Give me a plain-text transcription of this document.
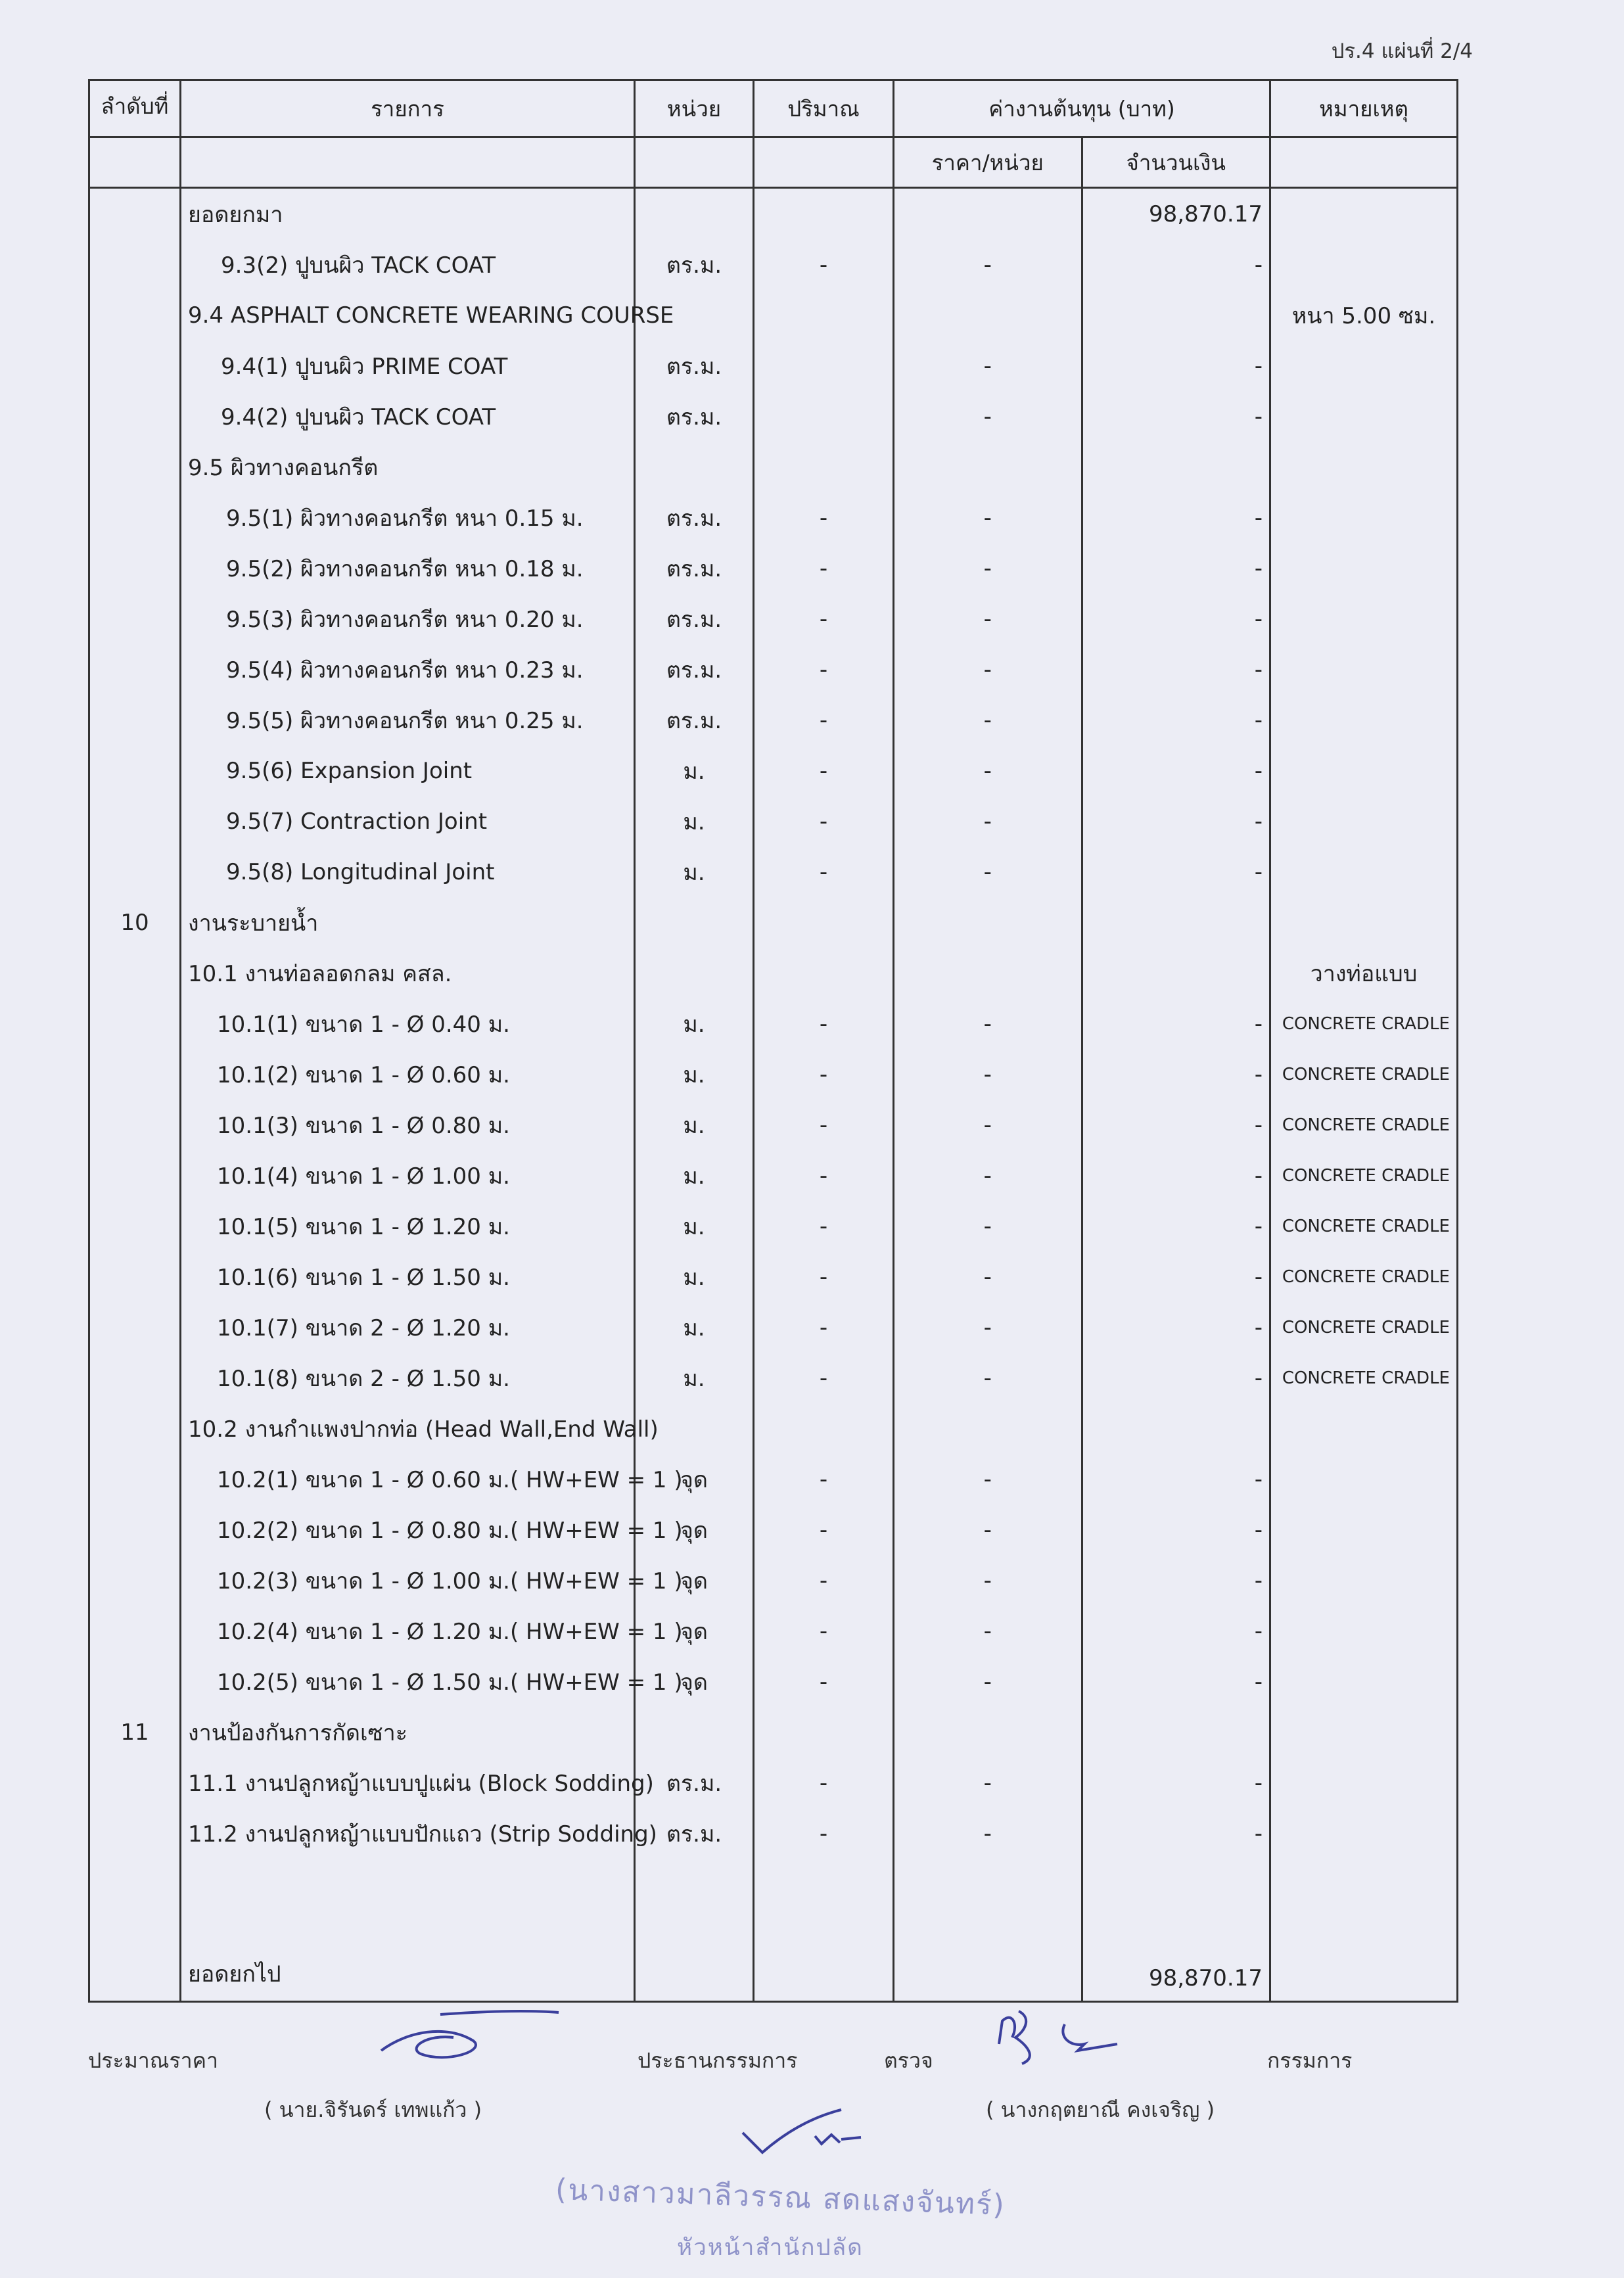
ปร.4 แผ่นที่ 2/4
ลำดับที่	รายการ	หน่วย	ปริมาณ	ค่างานต้นทุน (บาท)		หมายเหตุ
				ราคา/หน่วย	จำนวนเงิน	
	ยอดยกมา				98,870.17	
	9.3(2) ปูบนผิว TACK COAT	ตร.ม.	-	-	-	
	9.4 ASPHALT CONCRETE WEARING COURSE					หนา 5.00 ซม.
	9.4(1) ปูบนผิว PRIME COAT	ตร.ม.		-	-	
	9.4(2) ปูบนผิว TACK COAT	ตร.ม.		-	-	
	9.5 ผิวทางคอนกรีต					
	9.5(1) ผิวทางคอนกรีต หนา 0.15 ม.	ตร.ม.	-	-	-	
	9.5(2) ผิวทางคอนกรีต หนา 0.18 ม.	ตร.ม.	-	-	-	
	9.5(3) ผิวทางคอนกรีต หนา 0.20 ม.	ตร.ม.	-	-	-	
	9.5(4) ผิวทางคอนกรีต หนา 0.23 ม.	ตร.ม.	-	-	-	
	9.5(5) ผิวทางคอนกรีต หนา 0.25 ม.	ตร.ม.	-	-	-	
	9.5(6) Expansion Joint	ม.	-	-	-	
	9.5(7) Contraction Joint	ม.	-	-	-	
	9.5(8) Longitudinal Joint	ม.	-	-	-	
10	งานระบายน้ำ					
	10.1 งานท่อลอดกลม คสล.					วางท่อแบบ
	10.1(1) ขนาด 1 - Ø 0.40 ม.	ม.	-	-	-	CONCRETE CRADLE
	10.1(2) ขนาด 1 - Ø 0.60 ม.	ม.	-	-	-	CONCRETE CRADLE
	10.1(3) ขนาด 1 - Ø 0.80 ม.	ม.	-	-	-	CONCRETE CRADLE
	10.1(4) ขนาด 1 - Ø 1.00 ม.	ม.	-	-	-	CONCRETE CRADLE
	10.1(5) ขนาด 1 - Ø 1.20 ม.	ม.	-	-	-	CONCRETE CRADLE
	10.1(6) ขนาด 1 - Ø 1.50 ม.	ม.	-	-	-	CONCRETE CRADLE
	10.1(7) ขนาด 2 - Ø 1.20 ม.	ม.	-	-	-	CONCRETE CRADLE
	10.1(8) ขนาด 2 - Ø 1.50 ม.	ม.	-	-	-	CONCRETE CRADLE
	10.2 งานกำแพงปากท่อ (Head Wall,End Wall)					
	10.2(1) ขนาด 1 - Ø 0.60 ม.( HW+EW = 1 )	จุด	-	-	-	
	10.2(2) ขนาด 1 - Ø 0.80 ม.( HW+EW = 1 )	จุด	-	-	-	
	10.2(3) ขนาด 1 - Ø 1.00 ม.( HW+EW = 1 )	จุด	-	-	-	
	10.2(4) ขนาด 1 - Ø 1.20 ม.( HW+EW = 1 )	จุด	-	-	-	
	10.2(5) ขนาด 1 - Ø 1.50 ม.( HW+EW = 1 )	จุด	-	-	-	
11	งานป้องกันการกัดเซาะ					
	11.1 งานปลูกหญ้าแบบปูแผ่น (Block Sodding)	ตร.ม.	-	-	-	
	11.2 งานปลูกหญ้าแบบปักแถว (Strip Sodding)	ตร.ม.	-	-	-	

	ยอดยกไป				98,870.17	
ประมาณราคา
( นาย.จิรันดร์ เทพแก้ว )
ประธานกรรมการ	ตรวจ	กรรมการ
( นางกฤตยาณี คงเจริญ )
(นางสาวมาลีวรรณ สดแสงจันทร์)
หัวหน้าสำนักปลัด
